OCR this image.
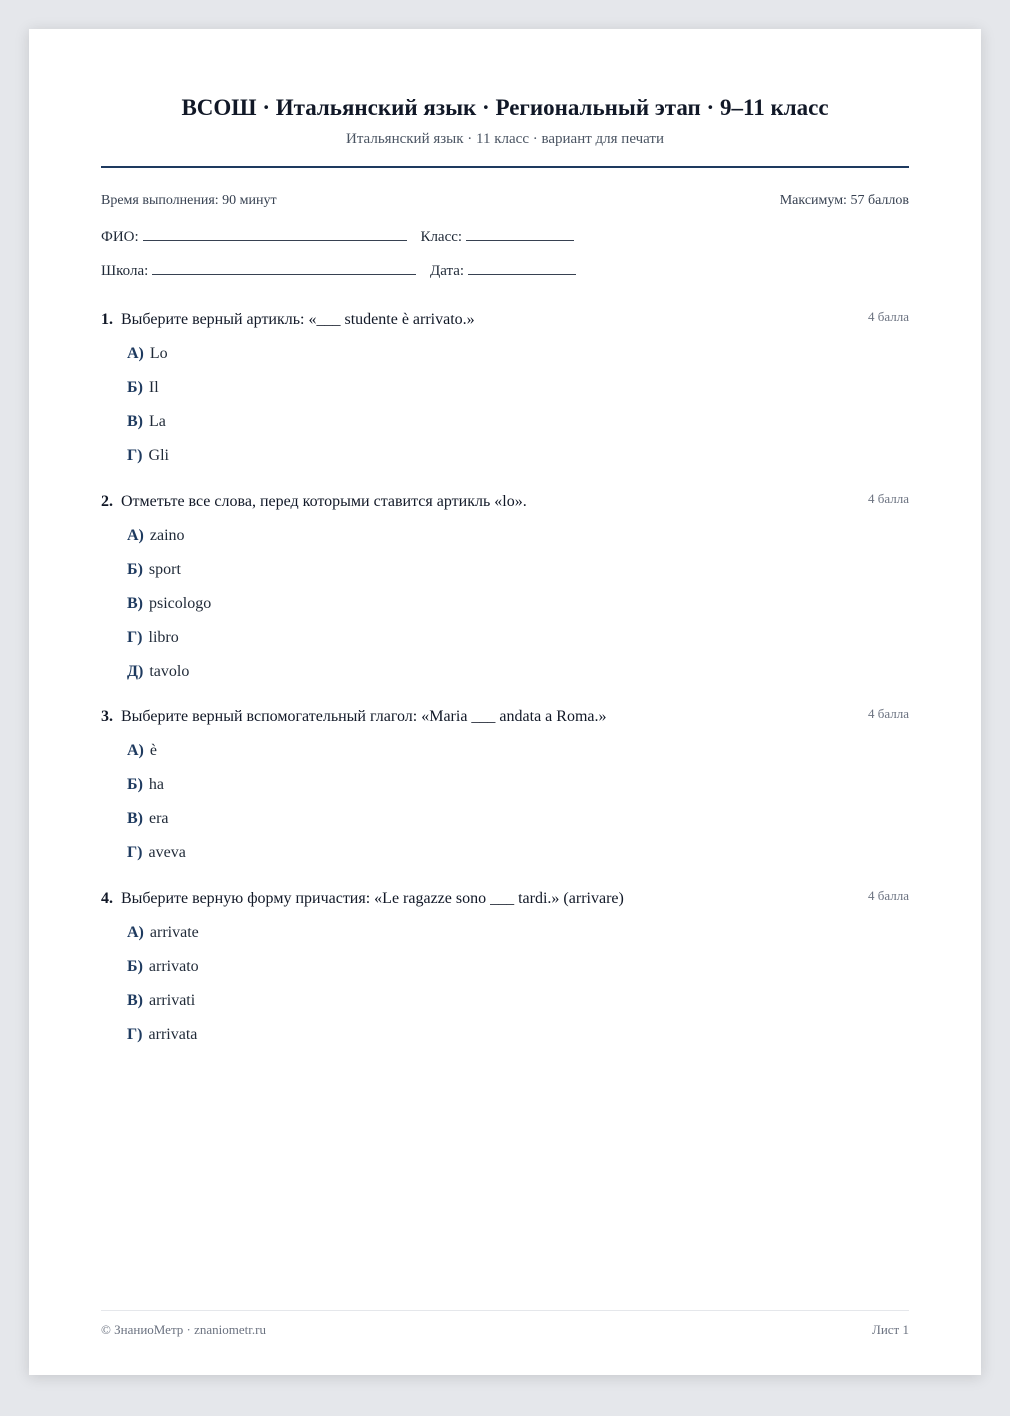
ВСОШ · Итальянский язык · Региональный этап · 9–11 класс
Итальянский язык · 11 класс · вариант для печати
Время выполнения: 90 минут	Максимум: 57 баллов
ФИО:	Класс:
Школа:	Дата:
1. Выберите верный артикль: «___ studente è arrivato.»	4 балла
А) Lo
Б) Il
В) La
Г) Gli
2. Отметьте все слова, перед которыми ставится артикль «lo».	4 балла
А) zaino
Б) sport
В) psicologo
Г) libro
Д) tavolo
3. Выберите верный вспомогательный глагол: «Maria ___ andata a Roma.»	4 балла
А) è
Б) ha
В) era
Г) aveva
4. Выберите верную форму причастия: «Le ragazze sono ___ tardi.» (arrivare)	4 балла
А) arrivate
Б) arrivato
В) arrivati
Г) arrivata
© ЗнаниоМетр · znaniometr.ru	Лист 1
